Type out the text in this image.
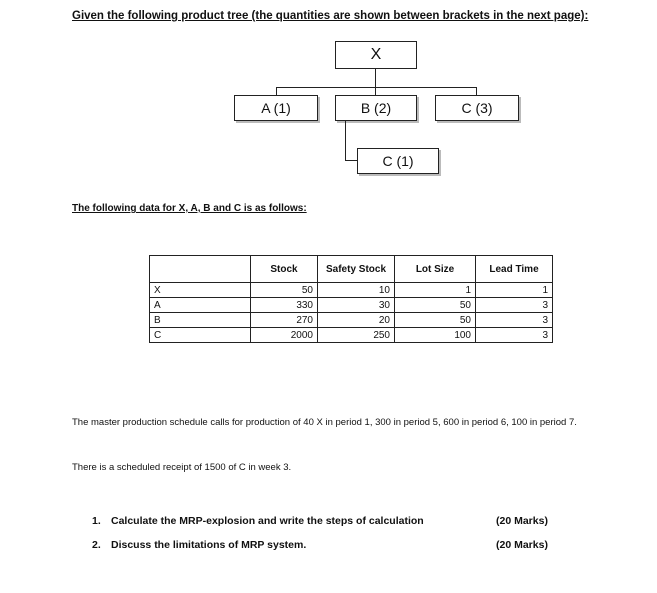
Given the following product tree (the quantities are shown between brackets in the next page):
X
A (1)	B (2)	C (3)
C (1)
The following data for X, A, B and C is as follows:
	Stock	Safety Stock	Lot Size	Lead Time
X	50	10	1	1
A	330	30	50	3
B	270	20	50	3
C	2000	250	100	3
The master production schedule calls for production of 40 X in period 1, 300 in period 5, 600 in period 6, 100 in period 7.
There is a scheduled receipt of 1500 of C in week 3.
1. Calculate the MRP-explosion and write the steps of calculation	(20 Marks)
2. Discuss the limitations of MRP system.	(20 Marks)
